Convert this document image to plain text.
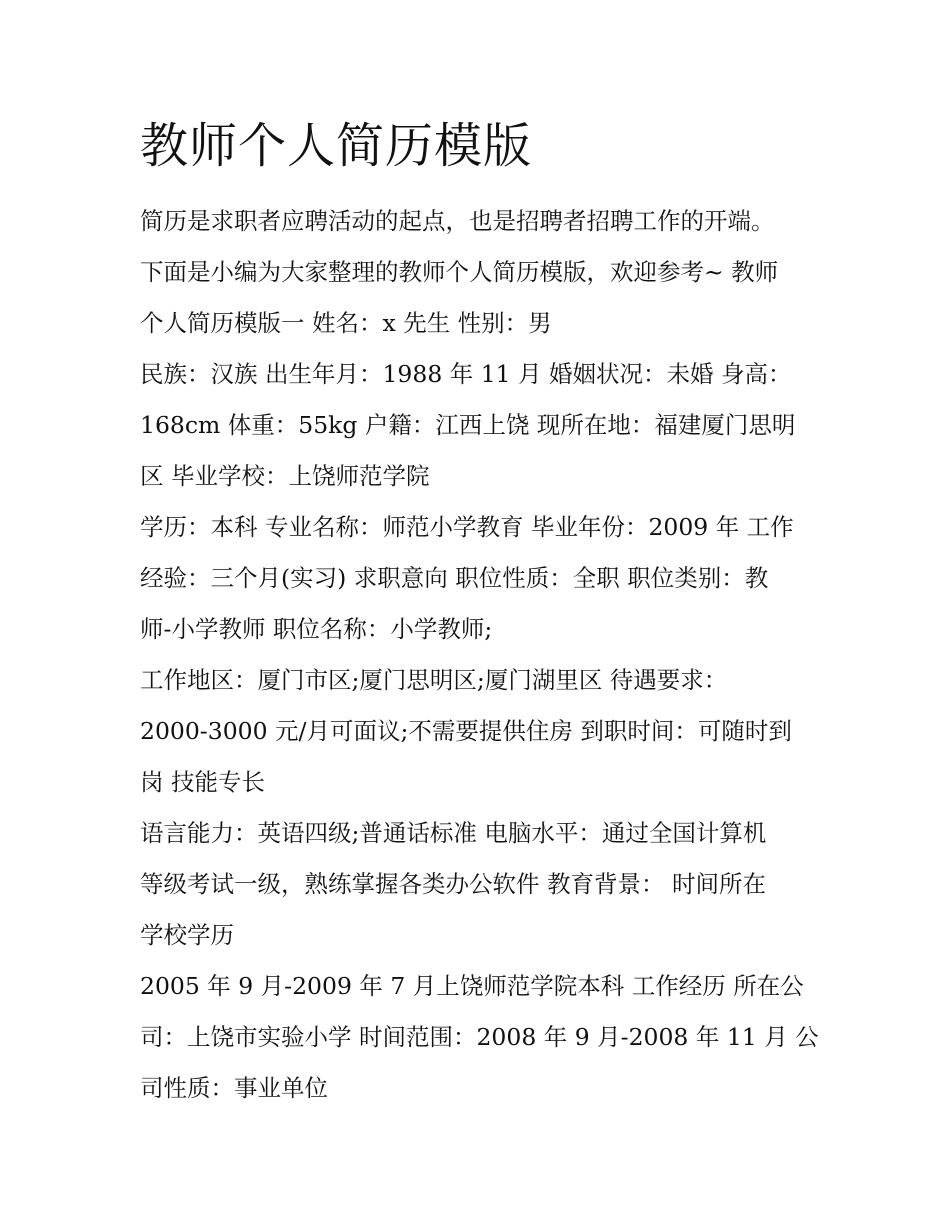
教师个人简历模版
简历是求职者应聘活动的起点，也是招聘者招聘工作的开端。
下面是小编为大家整理的教师个人简历模版，欢迎参考~ 教师
个人简历模版一 姓名：x 先生 性别：男
民族：汉族 出生年月：1988 年 11 月 婚姻状况：未婚 身高：
168cm 体重：55kg 户籍：江西上饶 现所在地：福建厦门思明
区 毕业学校：上饶师范学院
学历：本科 专业名称：师范小学教育 毕业年份：2009 年 工作
经验：三个月(实习) 求职意向 职位性质：全职 职位类别：教
师-小学教师 职位名称：小学教师;
工作地区：厦门市区;厦门思明区;厦门湖里区 待遇要求：
2000-3000 元/月可面议;不需要提供住房 到职时间：可随时到
岗 技能专长
语言能力：英语四级;普通话标准 电脑水平：通过全国计算机
等级考试一级，熟练掌握各类办公软件 教育背景： 时间所在
学校学历
2005 年 9 月-2009 年 7 月上饶师范学院本科 工作经历 所在公
司：上饶市实验小学 时间范围：2008 年 9 月-2008 年 11 月 公
司性质：事业单位
